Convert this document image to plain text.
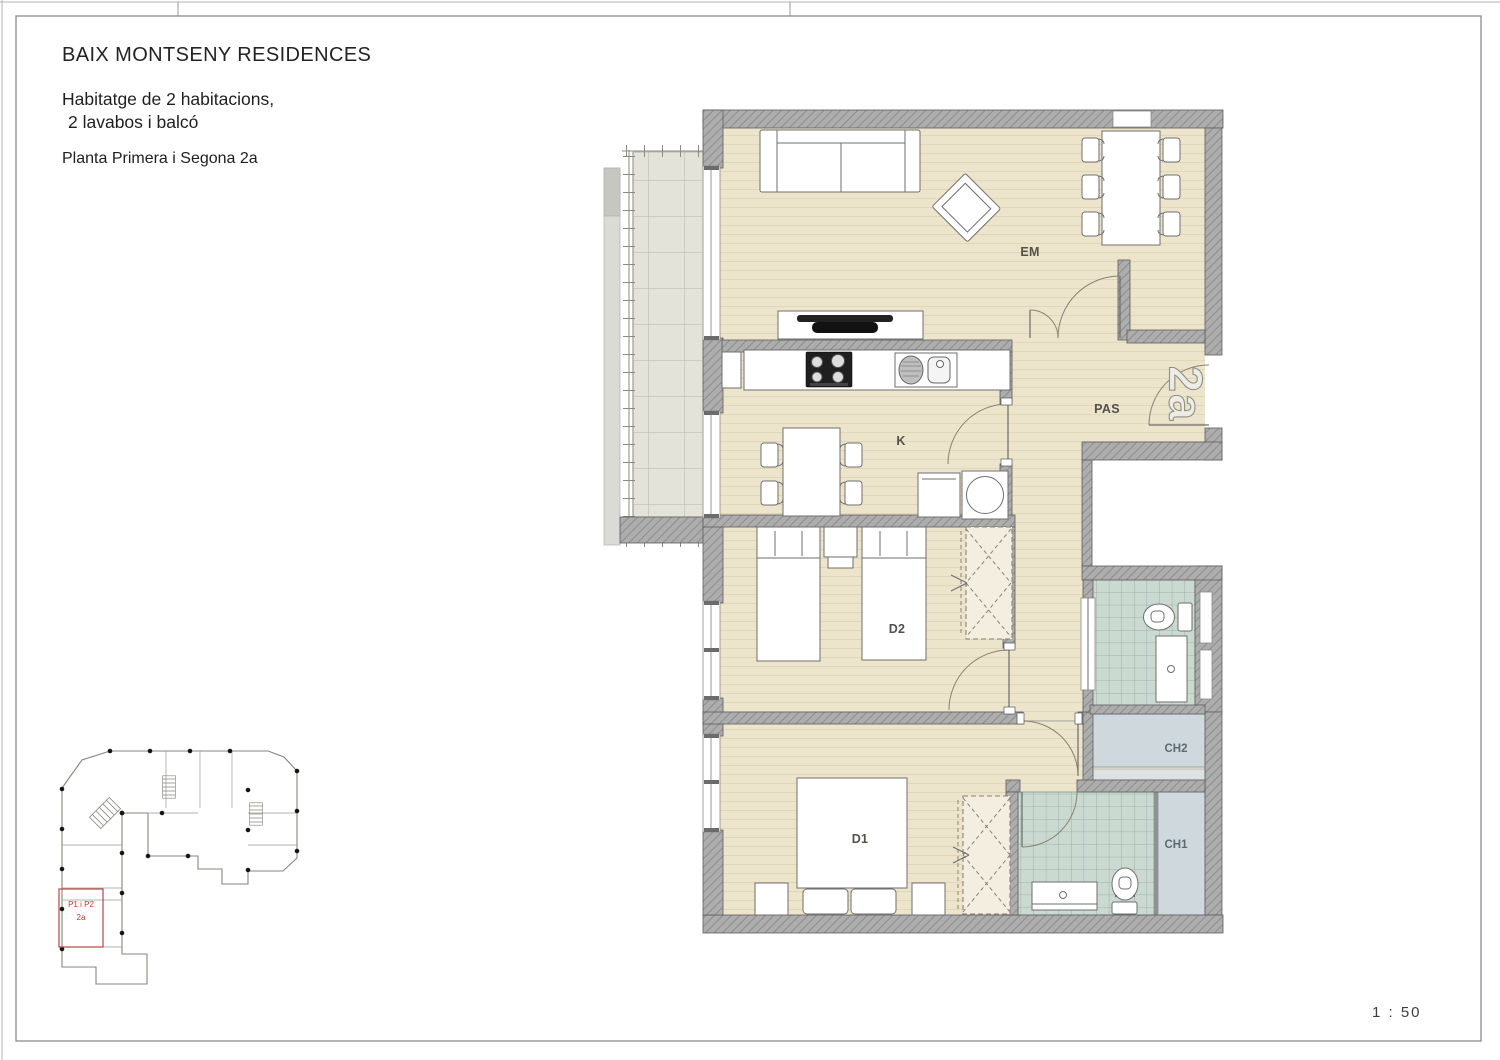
EM
K
PAS
D2
D1
CH2
CH1
2a
P1 i P2
2a
BAIX MONTSENY RESIDENCES
Habitatge de 2 habitacions,
2 lavabos i balcó
Planta Primera i Segona 2a
1 : 50
